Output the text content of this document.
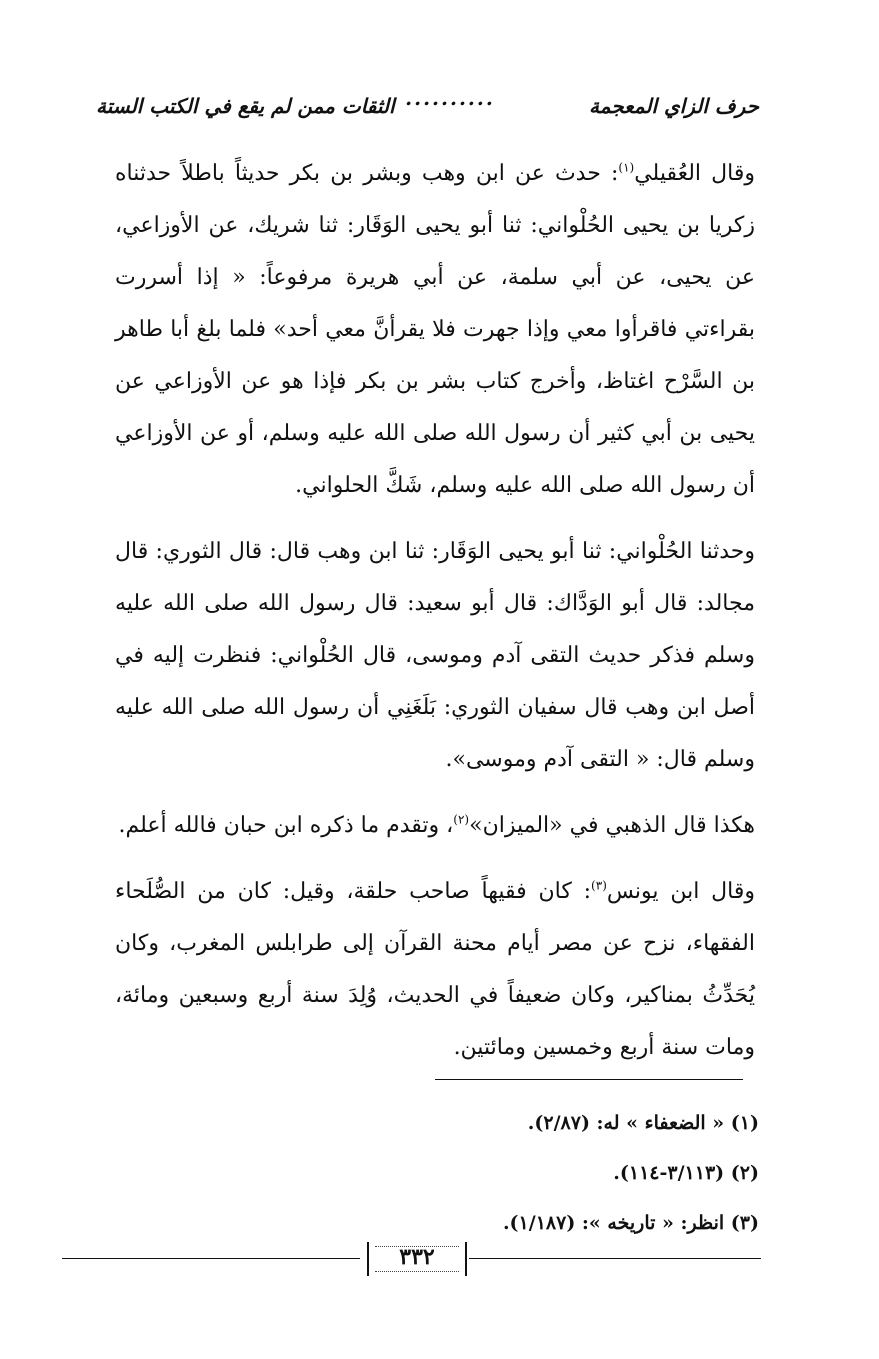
حرف الزاي المعجمة
..........
الثقات ممن لم يقع في الكتب الستة

وقال العُقيلي$^{(١)}$: حدث عن ابن وهب وبشر بن بكر حديثاً باطلاً حدثناه زكريا بن يحيى الحُلْواني: ثنا أبو يحيى الوَقَار: ثنا شريك، عن الأوزاعي، عن يحيى، عن أبي سلمة، عن أبي هريرة مرفوعاً: « إذا أسررت بقراءتي فاقرأوا معي وإذا جهرت فلا يقرأنَّ معي أحد» فلما بلغ أبا طاهر بن السَّرْح اغتاظ، وأخرج كتاب بشر بن بكر فإذا هو عن الأوزاعي عن يحيى بن أبي كثير أن رسول الله صلى الله عليه وسلم، أو عن الأوزاعي أن رسول الله صلى الله عليه وسلم، شَكَّ الحلواني.

وحدثنا الحُلْواني: ثنا أبو يحيى الوَقَار: ثنا ابن وهب قال: قال الثوري: قال مجالد: قال أبو الوَدَّاك: قال أبو سعيد: قال رسول الله صلى الله عليه وسلم فذكر حديث التقى آدم وموسى، قال الحُلْواني: فنظرت إليه في أصل ابن وهب قال سفيان الثوري: بَلَغَنِي أن رسول الله صلى الله عليه وسلم قال: « التقى آدم وموسى».

هكذا قال الذهبي في «الميزان»$^{(٢)}$، وتقدم ما ذكره ابن حبان فالله أعلم.

وقال ابن يونس$^{(٣)}$: كان فقيهاً صاحب حلقة، وقيل: كان من الصُّلَحاء الفقهاء، نزح عن مصر أيام محنة القرآن إلى طرابلس المغرب، وكان يُحَدِّثُ بمناكير، وكان ضعيفاً في الحديث، وُلِدَ سنة أربع وسبعين ومائة، ومات سنة أربع وخمسين ومائتين.

(١) « الضعفاء » له: (٢/٨٧).

(٢) (٣/١١٣-١١٤).

(٣) انظر: « تاريخه »: (١/١٨٧).

٣٣٢
